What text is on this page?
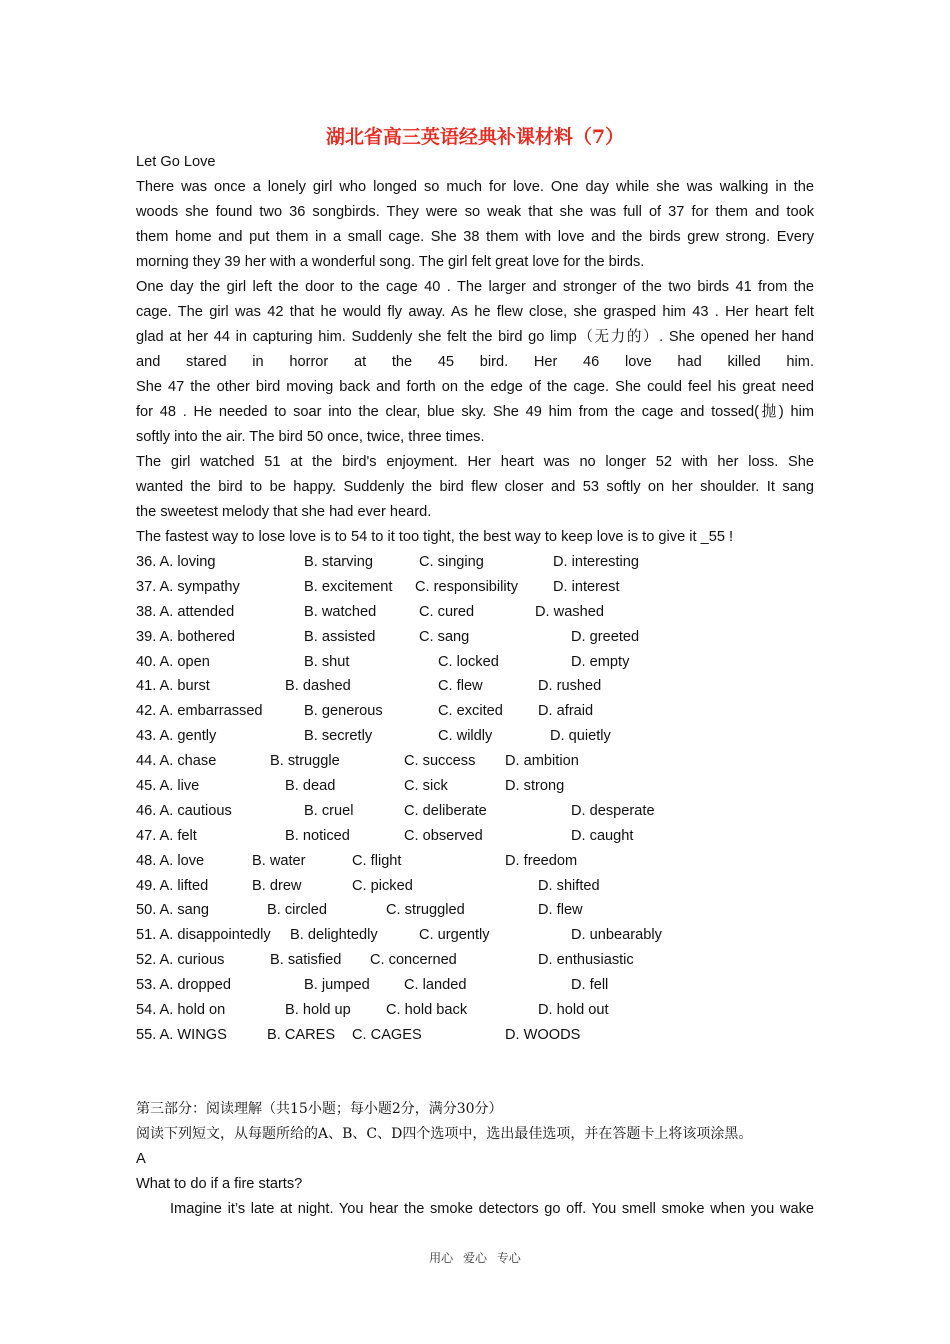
湖北省高三英语经典补课材料（7）
Let Go Love
There was once a lonely girl who longed so much for love. One day while she was walking in the
woods she found two 36 songbirds. They were so weak that she was full of 37 for them and took
them home and put them in a small cage. She 38 them with love and the birds grew strong. Every
morning they 39 her with a wonderful song. The girl felt great love for the birds.
One day the girl left the door to the cage 40 . The larger and stronger of the two birds 41 from the
cage. The girl was 42 that he would fly away. As he flew close, she grasped him 43 . Her heart felt
glad at her 44 in capturing him. Suddenly she felt the bird go limp（无力的）. She opened her hand
and stared in horror at the 45 bird. Her 46 love had killed him.
She 47 the other bird moving back and forth on the edge of the cage. She could feel his great need
for 48 . He needed to soar into the clear, blue sky. She 49 him from the cage and tossed(抛) him
softly into the air. The bird 50 once, twice, three times.
The girl watched 51 at the bird's enjoyment. Her heart was no longer 52 with her loss. She
wanted the bird to be happy. Suddenly the bird flew closer and 53 softly on her shoulder. It sang
the sweetest melody that she had ever heard.
The fastest way to lose love is to 54 to it too tight, the best way to keep love is to give it _55 !
36. A. loving	B. starving	C. singing	D. interesting
37. A. sympathy	B. excitement C. responsibility D. interest
38. A. attended	B. watched	C. cured	D. washed
39. A. bothered	B. assisted	C. sang	D. greeted
40. A. open	B. shut	C. locked	D. empty
41. A. burst	B. dashed	C. flew	D. rushed
42. A. embarrassed	B. generous	C. excited D. afraid
43. A. gently	B. secretly	C. wildly	D. quietly
44. A. chase	B. struggle	C. success D. ambition
45. A. live	B. dead	C. sick	D. strong
46. A. cautious	B. cruel	C. deliberate	D. desperate
47. A. felt	B. noticed	C. observed	D. caught
48. A. love	B. water	C. flight	D. freedom
49. A. lifted	B. drew	C. picked	D. shifted
50. A. sang	B. circled	C. struggled	D. flew
51. A. disappointedly B. delightedly	C. urgently	D. unbearably
52. A. curious	B. satisfied C. concerned	D. enthusiastic
53. A. dropped	B. jumped C. landed	D. fell
54. A. hold on	B. hold up C. hold back	D. hold out
55. A. WINGS	B. CARES C. CAGES	D. WOODS
第三部分：阅读理解（共15小题；每小题2分，满分30分）
阅读下列短文，从每题所给的A、B、C、D四个选项中，选出最佳选项，并在答题卡上将该项涂黑。
A
What to do if a fire starts?
Imagine it’s late at night. You hear the smoke detectors go off. You smell smoke when you wake
用心 爱心 专心
